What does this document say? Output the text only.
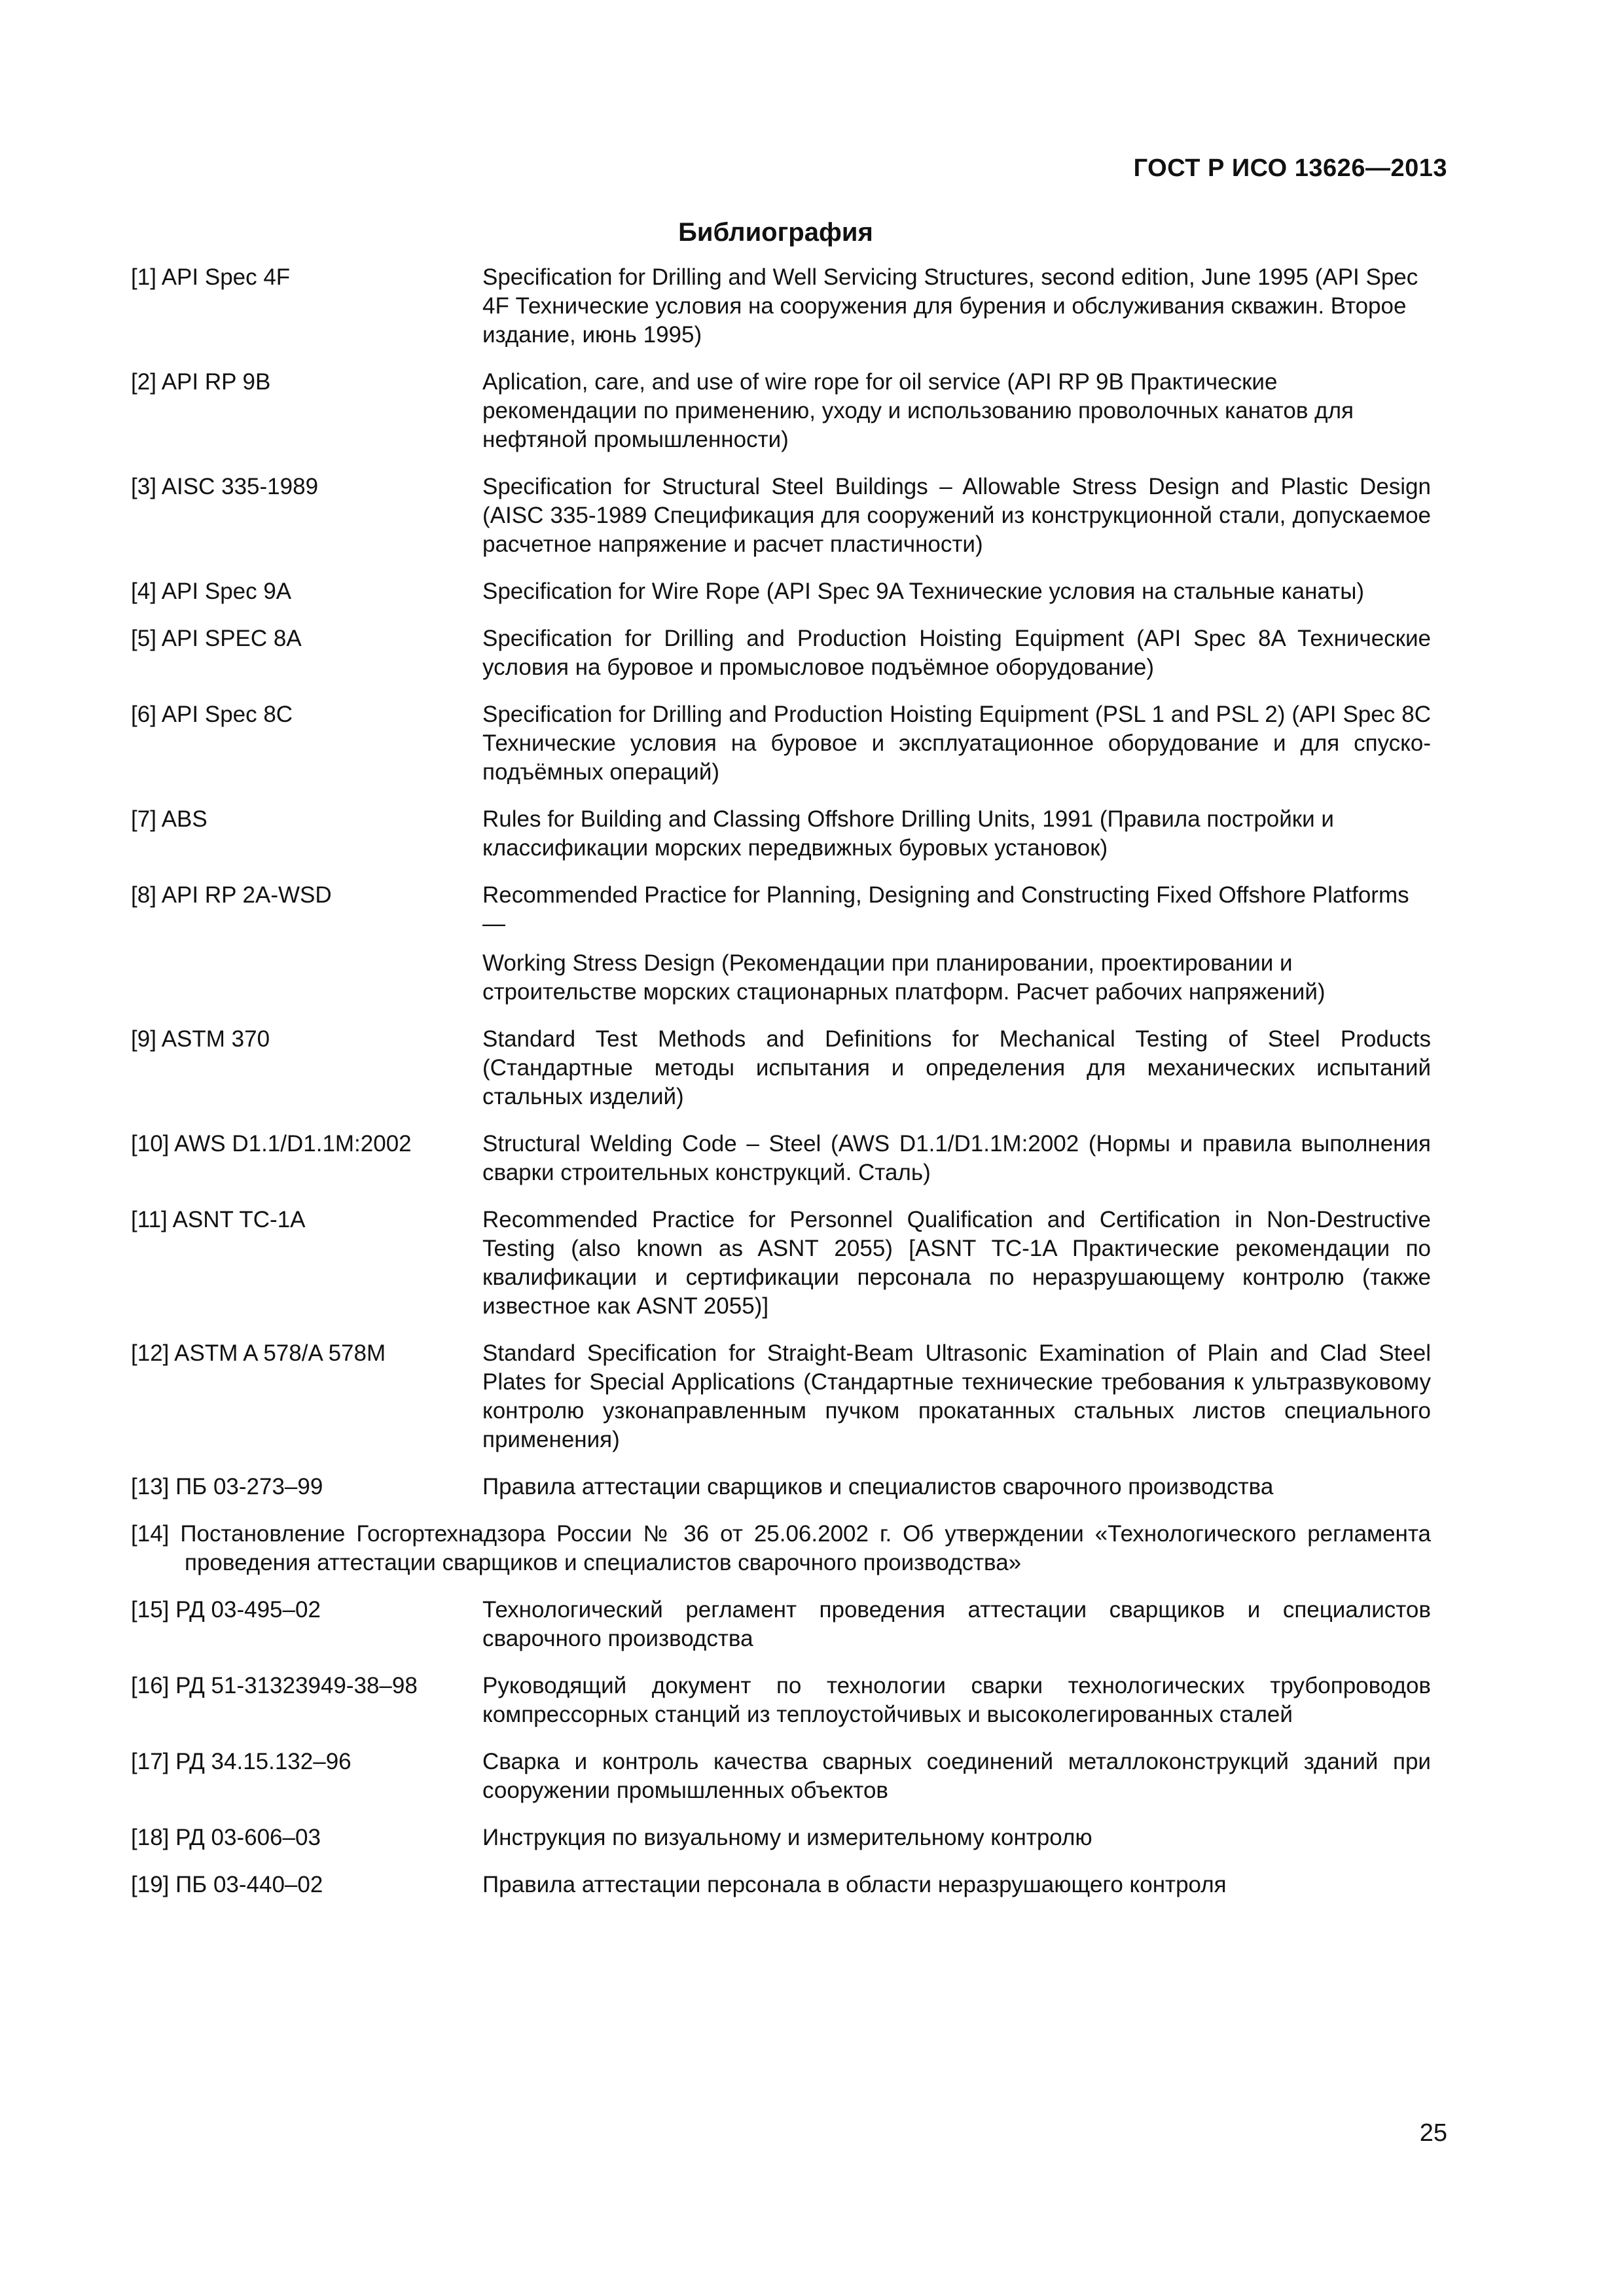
ГОСТ Р ИСО 13626—2013
Библиография
[1] API Spec 4F	Specification for Drilling and Well Servicing Structures, second edition, June 1995 (API Spec 4F Технические условия на сооружения для бурения и обслуживания скважин. Второе издание, июнь 1995)
[2] API RP 9B	Aplication, care, and use of wire rope for oil service (API RP 9B Практические рекомендации по применению, уходу и использованию проволочных канатов для нефтяной промышленности)
[3] AISC 335-1989	Specification for Structural Steel Buildings – Allowable Stress Design and Plastic Design (AISC 335-1989 Спецификация для сооружений из конструкционной стали, допускаемое расчетное напряжение и расчет пластичности)
[4] API Spec 9A	Specification for Wire Rope (API Spec 9A Технические условия на стальные канаты)
[5] API SPEC 8A	Specification for Drilling and Production Hoisting Equipment (API Spec 8A Технические условия на буровое и промысловое подъёмное оборудование)
[6] API Spec 8C	Specification for Drilling and Production Hoisting Equipment (PSL 1 and PSL 2) (API Spec 8C Технические условия на буровое и эксплуатационное оборудование и для спуско-подъёмных операций)
[7] ABS	Rules for Building and Classing Offshore Drilling Units, 1991 (Правила постройки и классификации морских передвижных буровых установок)
[8] API RP 2A-WSD	Recommended Practice for Planning, Designing and Constructing Fixed Offshore Platforms —
Working Stress Design (Рекомендации при планировании, проектировании и строительстве морских стационарных платформ. Расчет рабочих напряжений)
[9] ASTM 370	Standard Test Methods and Definitions for Mechanical Testing of Steel Products (Стандартные методы испытания и определения для механических испытаний стальных изделий)
[10] AWS D1.1/D1.1M:2002	Structural Welding Code – Steel (AWS D1.1/D1.1M:2002 (Нормы и правила выполнения сварки строительных конструкций. Сталь)
[11] ASNT TC-1A	Recommended Practice for Personnel Qualification and Certification in Non-Destructive Testing (also known as ASNT 2055) [ASNT TC-1A Практические рекомендации по квалификации и сертификации персонала по неразрушающему контролю (также известное как ASNT 2055)]
[12] ASTM A 578/A 578M	Standard Specification for Straight-Beam Ultrasonic Examination of Plain and Clad Steel Plates for Special Applications (Стандартные технические требования к ультразвуковому контролю узконаправленным пучком прокатанных стальных листов специального применения)
[13] ПБ 03-273–99	Правила аттестации сварщиков и специалистов сварочного производства
[14] Постановление Госгортехнадзора России № 36 от 25.06.2002 г. Об утверждении «Технологического регламента проведения аттестации сварщиков и специалистов сварочного производства»
[15] РД 03-495–02	Технологический регламент проведения аттестации сварщиков и специалистов сварочного производства
[16] РД 51-31323949-38–98	Руководящий документ по технологии сварки технологических трубопроводов компрессорных станций из теплоустойчивых и высоколегированных сталей
[17] РД 34.15.132–96	Сварка и контроль качества сварных соединений металлоконструкций зданий при сооружении промышленных объектов
[18] РД 03-606–03	Инструкция по визуальному и измерительному контролю
[19] ПБ 03-440–02	Правила аттестации персонала в области неразрушающего контроля
25
